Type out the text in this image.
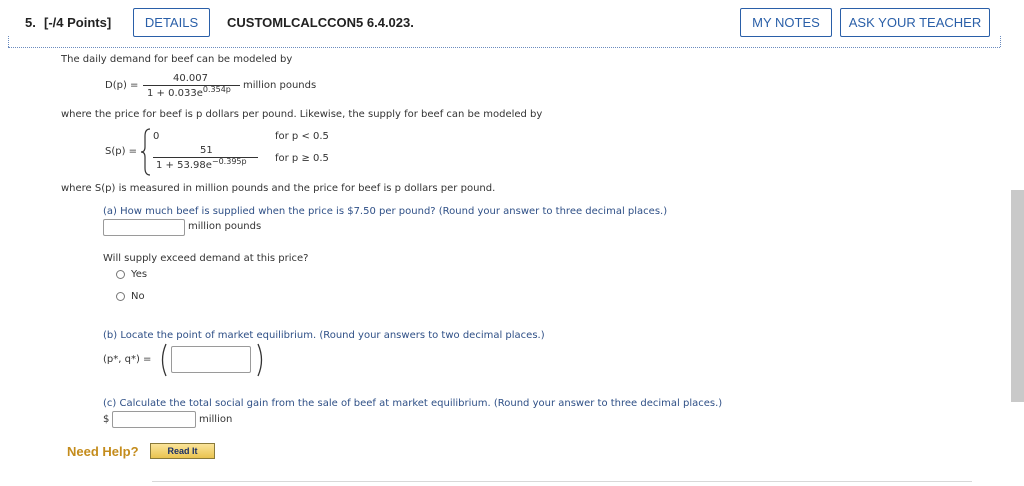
5. [-/4 Points]	DETAILS	CUSTOMLCALCCON5 6.4.023.	MY NOTES	ASK YOUR TEACHER
The daily demand for beef can be modeled by
D(p) =
40.007
$1 + 0.033e^{0.354p}$ million pounds
where the price for beef is p dollars per pound. Likewise, the supply for beef can be modeled by
S(p) =
0	for p < 0.5
51
$1 + 53.98e^{-0.395p}$	for p ≥ 0.5
where S(p) is measured in million pounds and the price for beef is p dollars per pound.
(a) How much beef is supplied when the price is $7.50 per pound? (Round your answer to three decimal places.)
million pounds
Will supply exceed demand at this price?
Yes
No
(b) Locate the point of market equilibrium. (Round your answers to two decimal places.)
(p*, q*) =
(c) Calculate the total social gain from the sale of beef at market equilibrium. (Round your answer to three decimal places.)
$	million
Need Help?	Read It
